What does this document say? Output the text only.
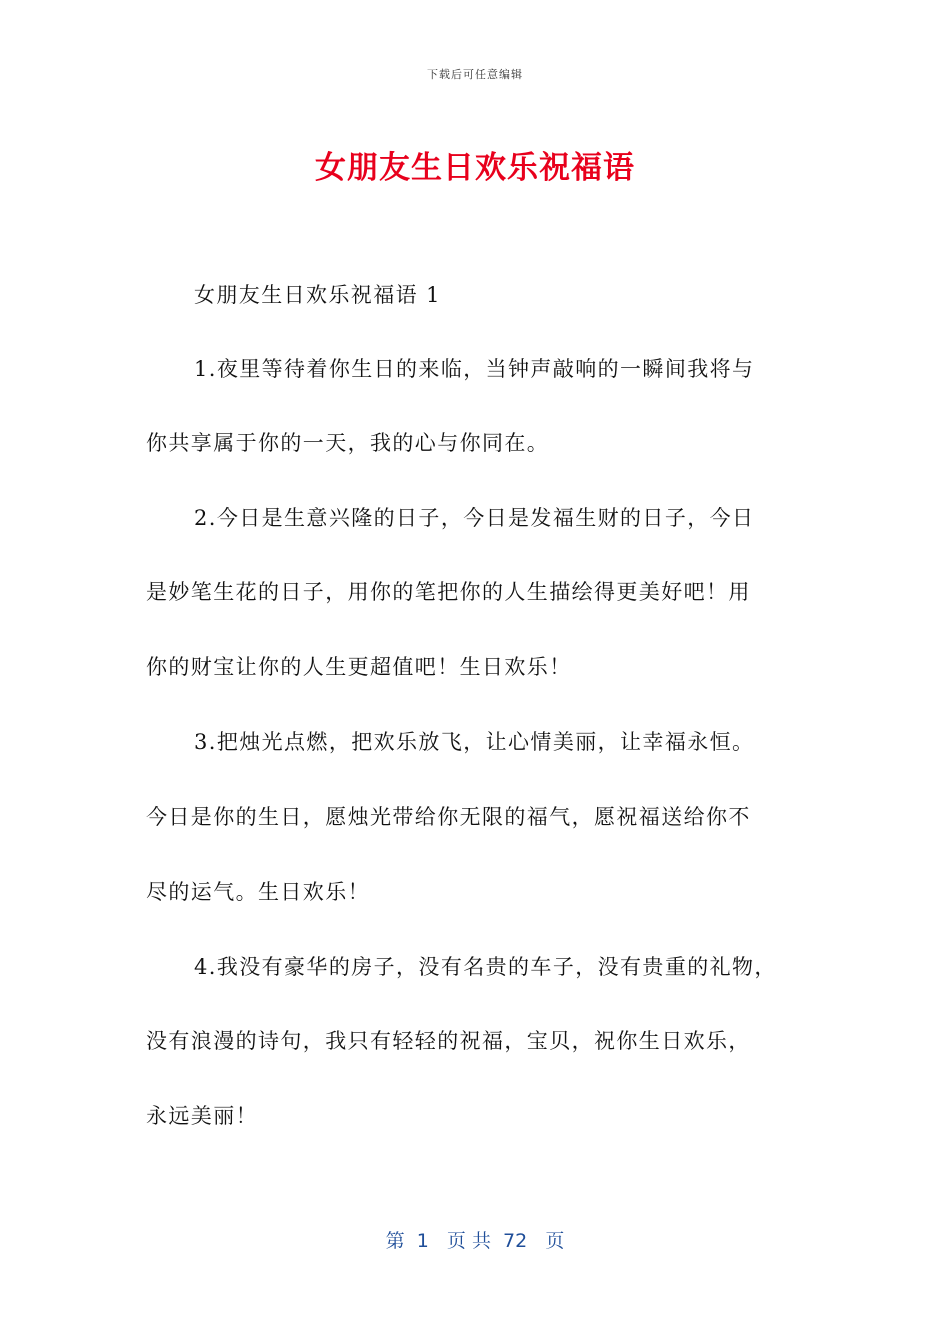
下载后可任意编辑
女朋友生日欢乐祝福语
女朋友生日欢乐祝福语 1
1.夜里等待着你生日的来临，当钟声敲响的一瞬间我将与
你共享属于你的一天，我的心与你同在。
2.今日是生意兴隆的日子，今日是发福生财的日子，今日
是妙笔生花的日子，用你的笔把你的人生描绘得更美好吧！用
你的财宝让你的人生更超值吧！生日欢乐！
3.把烛光点燃，把欢乐放飞，让心情美丽，让幸福永恒。
今日是你的生日，愿烛光带给你无限的福气，愿祝福送给你不
尽的运气。生日欢乐！
4.我没有豪华的房子，没有名贵的车子，没有贵重的礼物，
没有浪漫的诗句，我只有轻轻的祝福，宝贝，祝你生日欢乐，
永远美丽！
第  1   页 共  72   页
